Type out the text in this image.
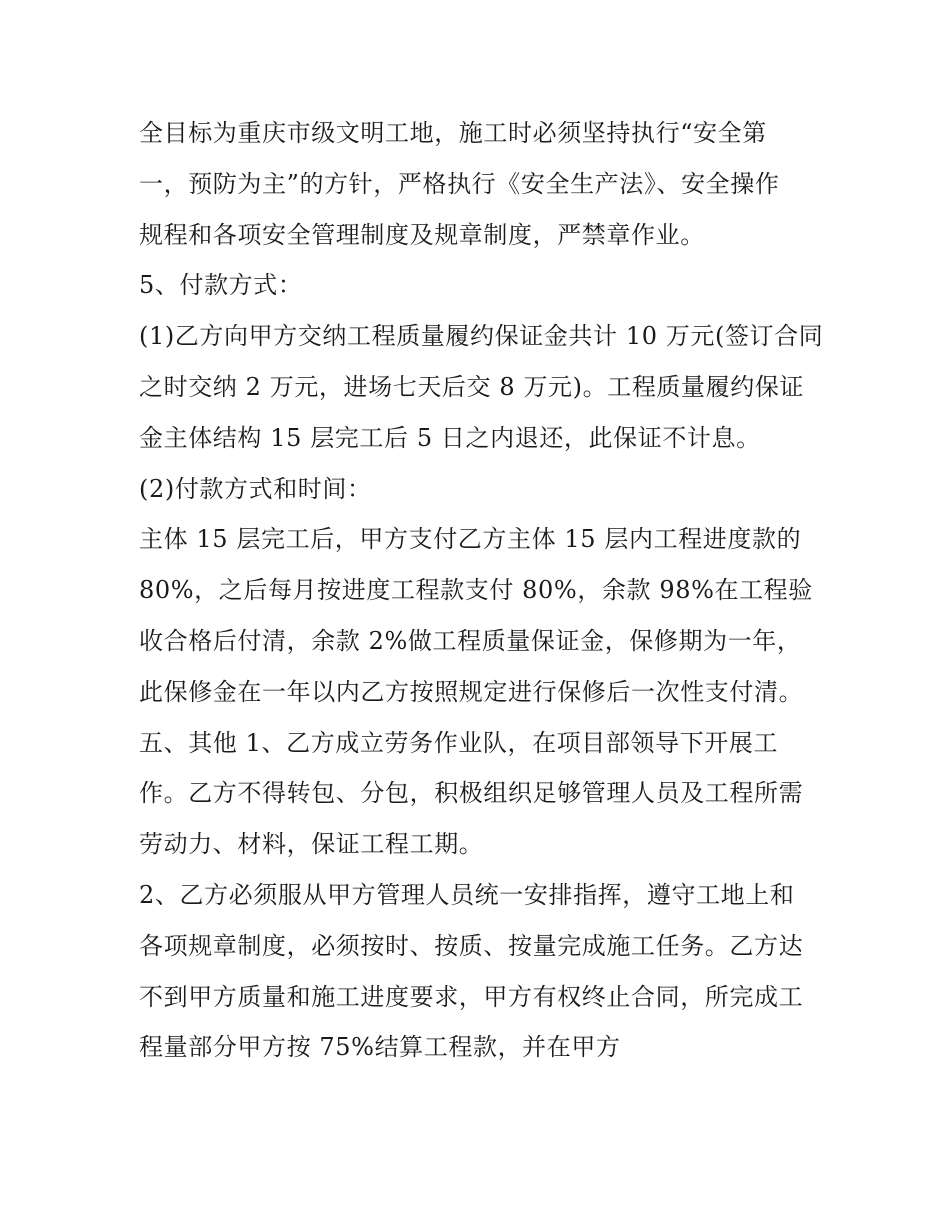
全目标为重庆市级文明工地，施工时必须坚持执行“安全第
一，预防为主”的方针，严格执行《安全生产法》、安全操作
规程和各项安全管理制度及规章制度，严禁章作业。
5、付款方式：
(1)乙方向甲方交纳工程质量履约保证金共计 10 万元(签订合同
之时交纳 2 万元，进场七天后交 8 万元)。工程质量履约保证
金主体结构 15 层完工后 5 日之内退还，此保证不计息。
(2)付款方式和时间：
主体 15 层完工后，甲方支付乙方主体 15 层内工程进度款的
80%，之后每月按进度工程款支付 80%，余款 98%在工程验
收合格后付清，余款 2%做工程质量保证金，保修期为一年，
此保修金在一年以内乙方按照规定进行保修后一次性支付清。
五、其他 1、乙方成立劳务作业队，在项目部领导下开展工
作。乙方不得转包、分包，积极组织足够管理人员及工程所需
劳动力、材料，保证工程工期。
2、乙方必须服从甲方管理人员统一安排指挥，遵守工地上和
各项规章制度，必须按时、按质、按量完成施工任务。乙方达
不到甲方质量和施工进度要求，甲方有权终止合同，所完成工
程量部分甲方按 75%结算工程款，并在甲方
